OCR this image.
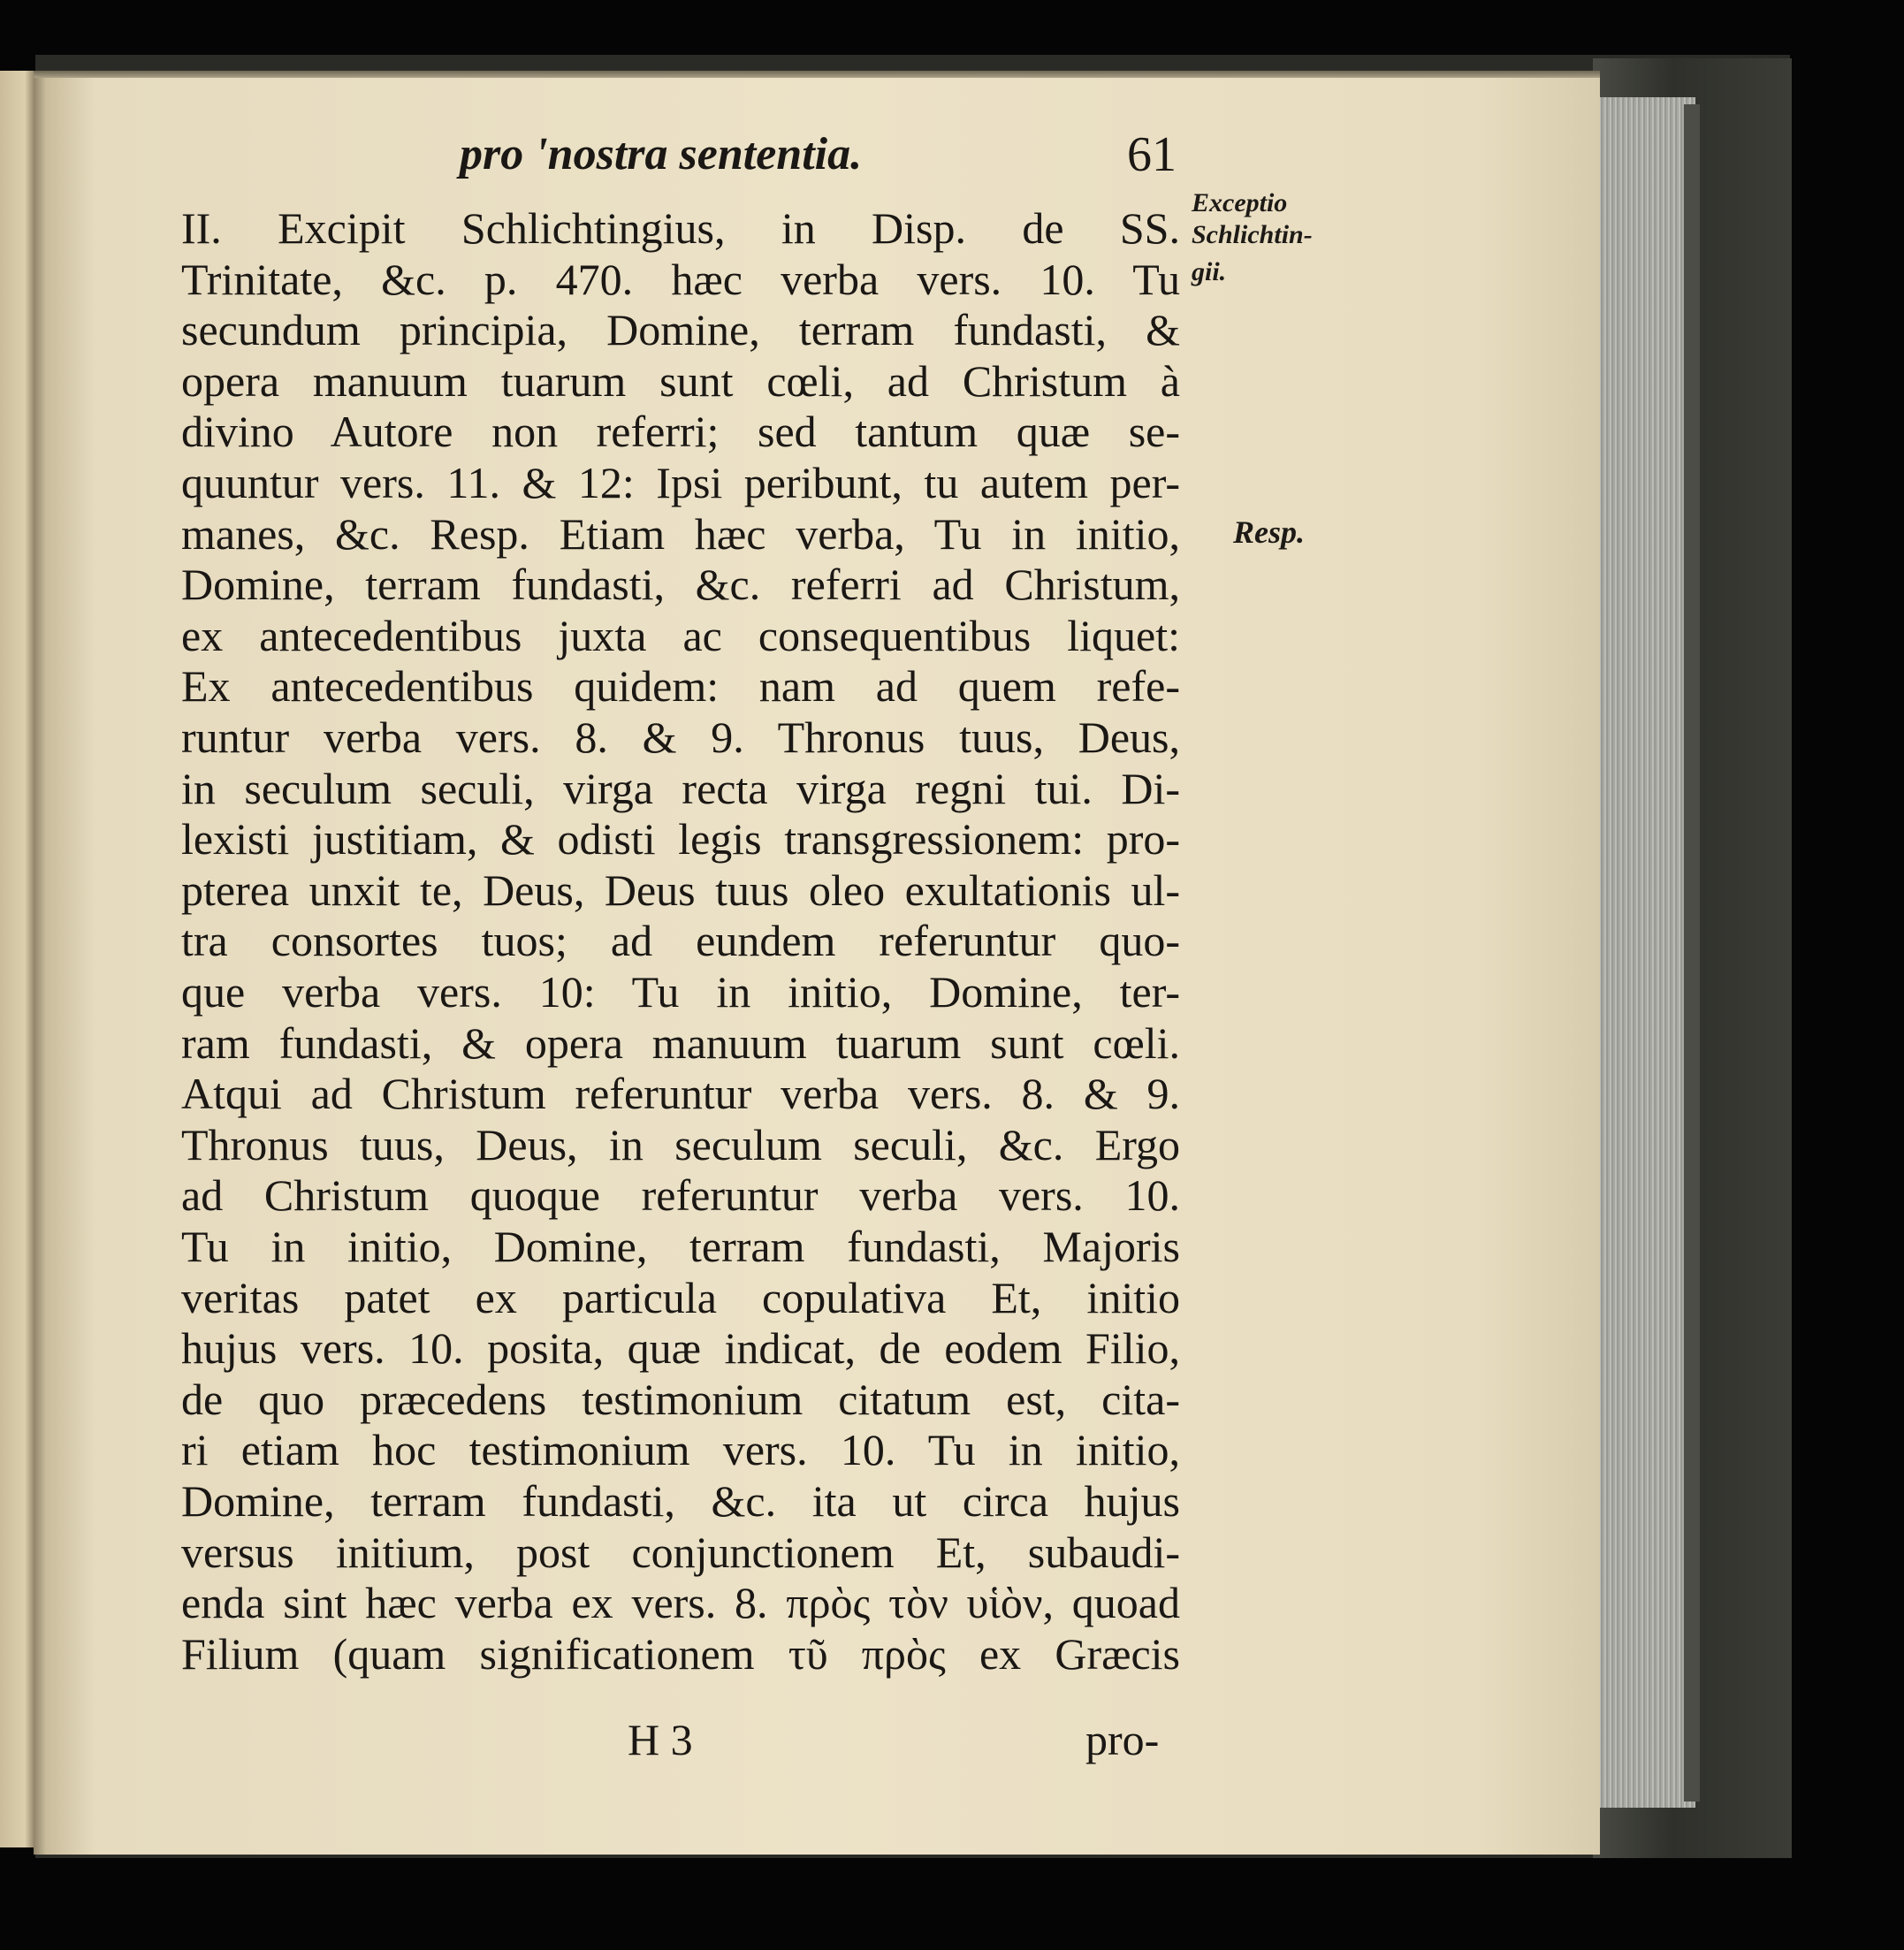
pro 'nostra sententia.	61
II. Excipit Schlichtingius, in Disp. de SS.
Trinitate, &c. p. 470. hæc verba vers. 10. Tu
secundum principia, Domine, terram fundasti, &
opera manuum tuarum sunt cœli, ad Christum à
divino Autore non referri; sed tantum quæ se-
quuntur vers. 11. & 12: Ipsi peribunt, tu autem per-
manes, &c. Resp. Etiam hæc verba, Tu in initio,
Domine, terram fundasti, &c. referri ad Christum,
ex antecedentibus juxta ac consequentibus liquet:
Ex antecedentibus quidem: nam ad quem refe-
runtur verba vers. 8. & 9. Thronus tuus, Deus,
in seculum seculi, virga recta virga regni tui. Di-
lexisti justitiam, & odisti legis transgressionem: pro-
pterea unxit te, Deus, Deus tuus oleo exultationis ul-
tra consortes tuos; ad eundem referuntur quo-
que verba vers. 10: Tu in initio, Domine, ter-
ram fundasti, & opera manuum tuarum sunt cœli.
Atqui ad Christum referuntur verba vers. 8. & 9.
Thronus tuus, Deus, in seculum seculi, &c. Ergo
ad Christum quoque referuntur verba vers. 10.
Tu in initio, Domine, terram fundasti, Majoris
veritas patet ex particula copulativa Et, initio
hujus vers. 10. posita, quæ indicat, de eodem Filio,
de quo præcedens testimonium citatum est, cita-
ri etiam hoc testimonium vers. 10. Tu in initio,
Domine, terram fundasti, &c. ita ut circa hujus
versus initium, post conjunctionem Et, subaudi-
enda sint hæc verba ex vers. 8. πρὸς τὸν υἱὸν, quoad
Filium (quam significationem τῦ πρὸς ex Græcis
Exceptio
Schlichtin-
gii.
Resp.
H 3	pro-
